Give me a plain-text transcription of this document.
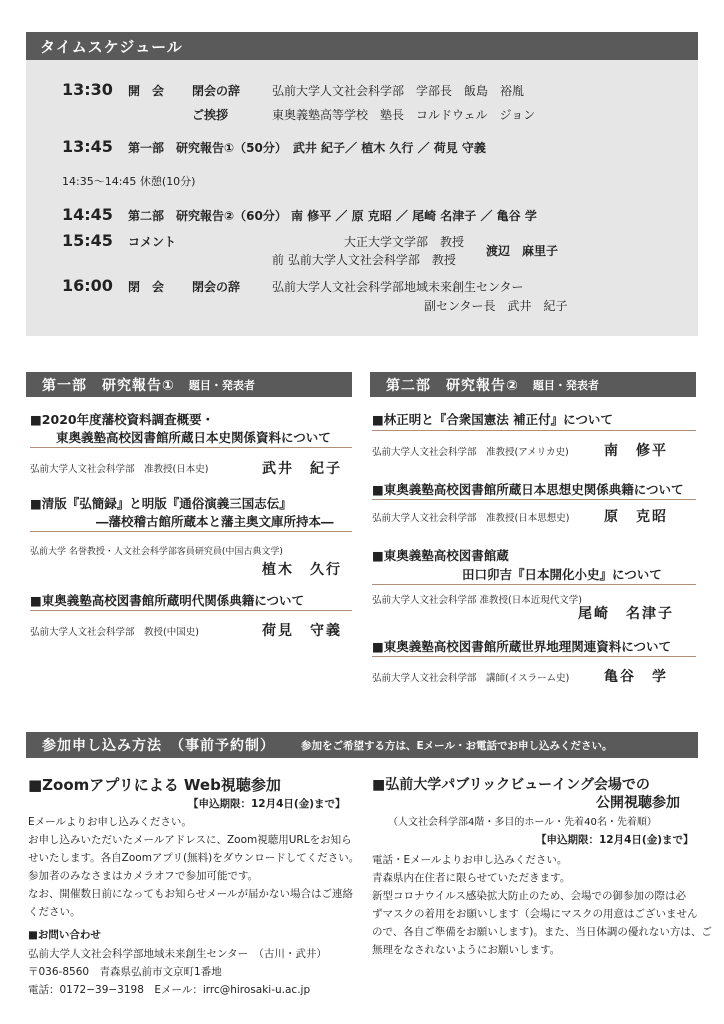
タイムスケジュール
13:30 開　会 閉会の辞	弘前大学人文社会科学部　学部長　飯島　裕胤
ご挨拶	東奥義塾高等学校　塾長　コルドウェル　ジョン
13:45 第一部　研究報告①（50分）　武井 紀子／ 植木 久行 ／ 荷見 守義
14:35〜14:45 休憩(10分)
14:45 第二部　研究報告②（60分） 南 修平 ／ 原 克昭 ／ 尾崎 名津子 ／ 亀谷 学
15:45 コメント	大正大学文学部　教授
前 弘前大学人文社会科学部　教授
渡辺　麻里子
16:00 閉　会 閉会の辞	弘前大学人文社会科学部地域未来創生センター
副センター長　武井　紀子
第一部　研究報告① 題目・発表者
■2020年度藩校資料調査概要・
東奥義塾高校図書館所蔵日本史関係資料について
弘前大学人文社会科学部　准教授(日本史)	武井　紀子
■清版『弘簡録』と明版『通俗演義三国志伝』
―藩校稽古館所蔵本と藩主奥文庫所持本―
弘前大学 名誉教授・人文社会科学部客員研究員(中国古典文学)
植木　久行
■東奥義塾高校図書館所蔵明代関係典籍について
弘前大学人文社会科学部　教授(中国史)	荷見　守義
第二部　研究報告② 題目・発表者
■林正明と『合衆国憲法 補正付』について
弘前大学人文社会科学部　准教授(アメリカ史)	南　修平
■東奥義塾高校図書館所蔵日本思想史関係典籍について
弘前大学人文社会科学部　准教授(日本思想史) 原　克昭
■東奥義塾高校図書館蔵
田口卯吉『日本開化小史』について
弘前大学人文社会科学部 准教授(日本近現代文学)
尾崎　名津子
■東奥義塾高校図書館所蔵世界地理関連資料について
弘前大学人文社会科学部　講師(イスラーム史) 亀谷　学
参加申し込み方法　（事前予約制） 参加をご希望する方は、Eメール・お電話でお申し込みください。
■Zoomアプリによる Web視聴参加
【申込期限：12月4日(金)まで】
Eメールよりお申し込みください。
お申し込みいただいたメールアドレスに、Zoom視聴用URLをお知ら
せいたします。各自Zoomアプリ(無料)をダウンロードしてください。
参加者のみなさまはカメラオフで参加可能です。
なお、開催数日前になってもお知らせメールが届かない場合はご連絡
ください。
■お問い合わせ
弘前大学人文社会科学部地域未来創生センター　（古川・武井）
〒036-8560　青森県弘前市文京町1番地
電話：0172−39−3198　Eメール：irrc@hirosaki-u.ac.jp
■弘前大学パブリックビューイング会場での
公開視聴参加
（人文社会科学部4階・多目的ホール・先着40名・先着順）
【申込期限：12月4日(金)まで】
電話・Eメールよりお申し込みください。
青森県内在住者に限らせていただきます。
新型コロナウイルス感染拡大防止のため、会場での御参加の際は必
ずマスクの着用をお願いします（会場にマスクの用意はございません
ので、各自ご準備をお願いします)。また、当日体調の優れない方は、ご
無理をなされないようにお願いします。
